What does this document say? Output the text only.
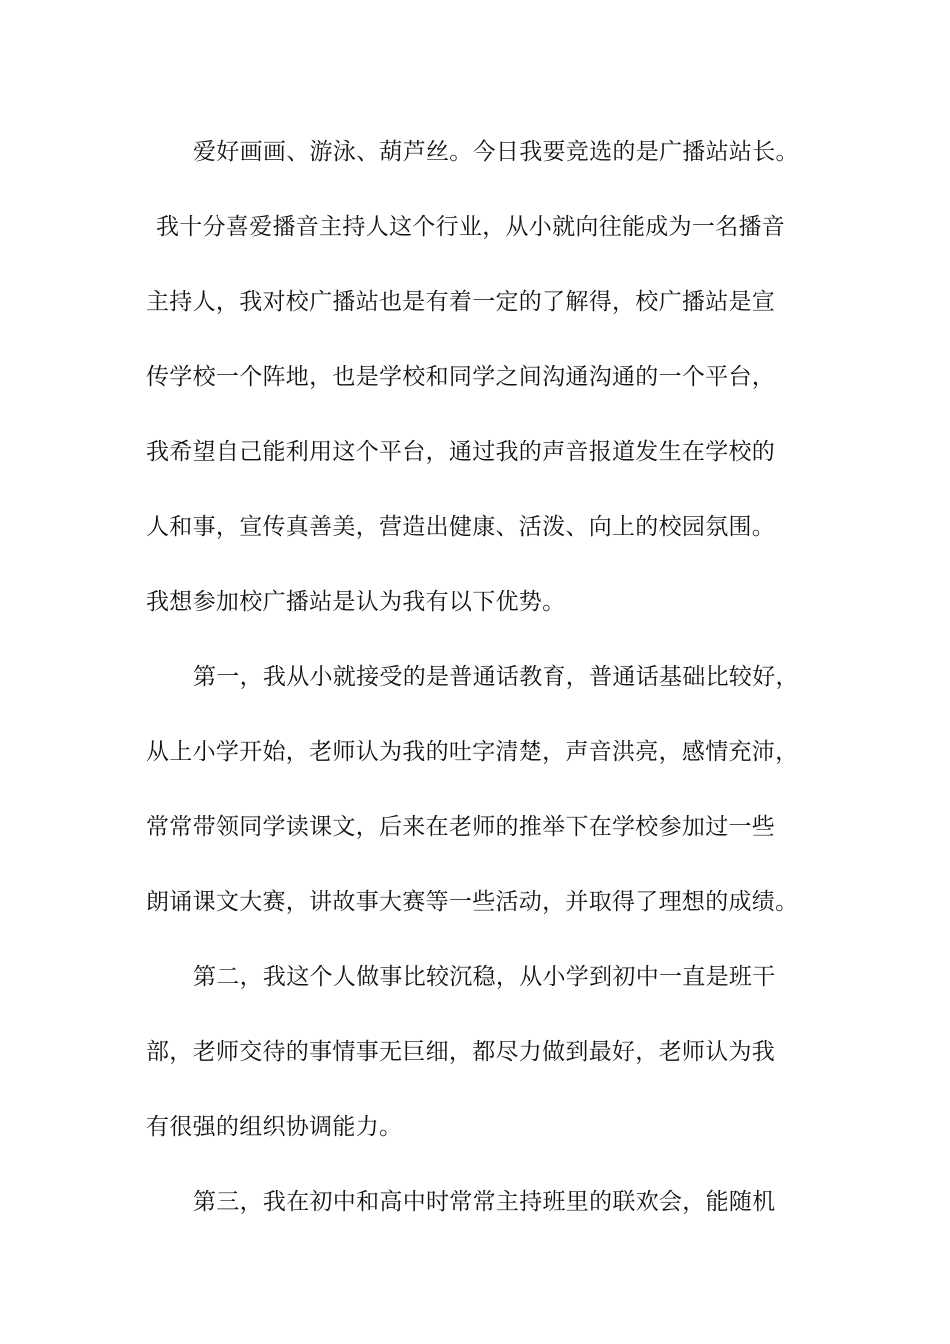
爱好画画、游泳、葫芦丝。今日我要竞选的是广播站站长。
我十分喜爱播音主持人这个行业，从小就向往能成为一名播音
主持人，我对校广播站也是有着一定的了解得，校广播站是宣
传学校一个阵地，也是学校和同学之间沟通沟通的一个平台，
我希望自己能利用这个平台，通过我的声音报道发生在学校的
人和事，宣传真善美，营造出健康、活泼、向上的校园氛围。
我想参加校广播站是认为我有以下优势。
第一，我从小就接受的是普通话教育，普通话基础比较好，
从上小学开始，老师认为我的吐字清楚，声音洪亮，感情充沛，
常常带领同学读课文，后来在老师的推举下在学校参加过一些
朗诵课文大赛，讲故事大赛等一些活动，并取得了理想的成绩。
第二，我这个人做事比较沉稳，从小学到初中一直是班干
部，老师交待的事情事无巨细，都尽力做到最好，老师认为我
有很强的组织协调能力。
第三，我在初中和高中时常常主持班里的联欢会，能随机
